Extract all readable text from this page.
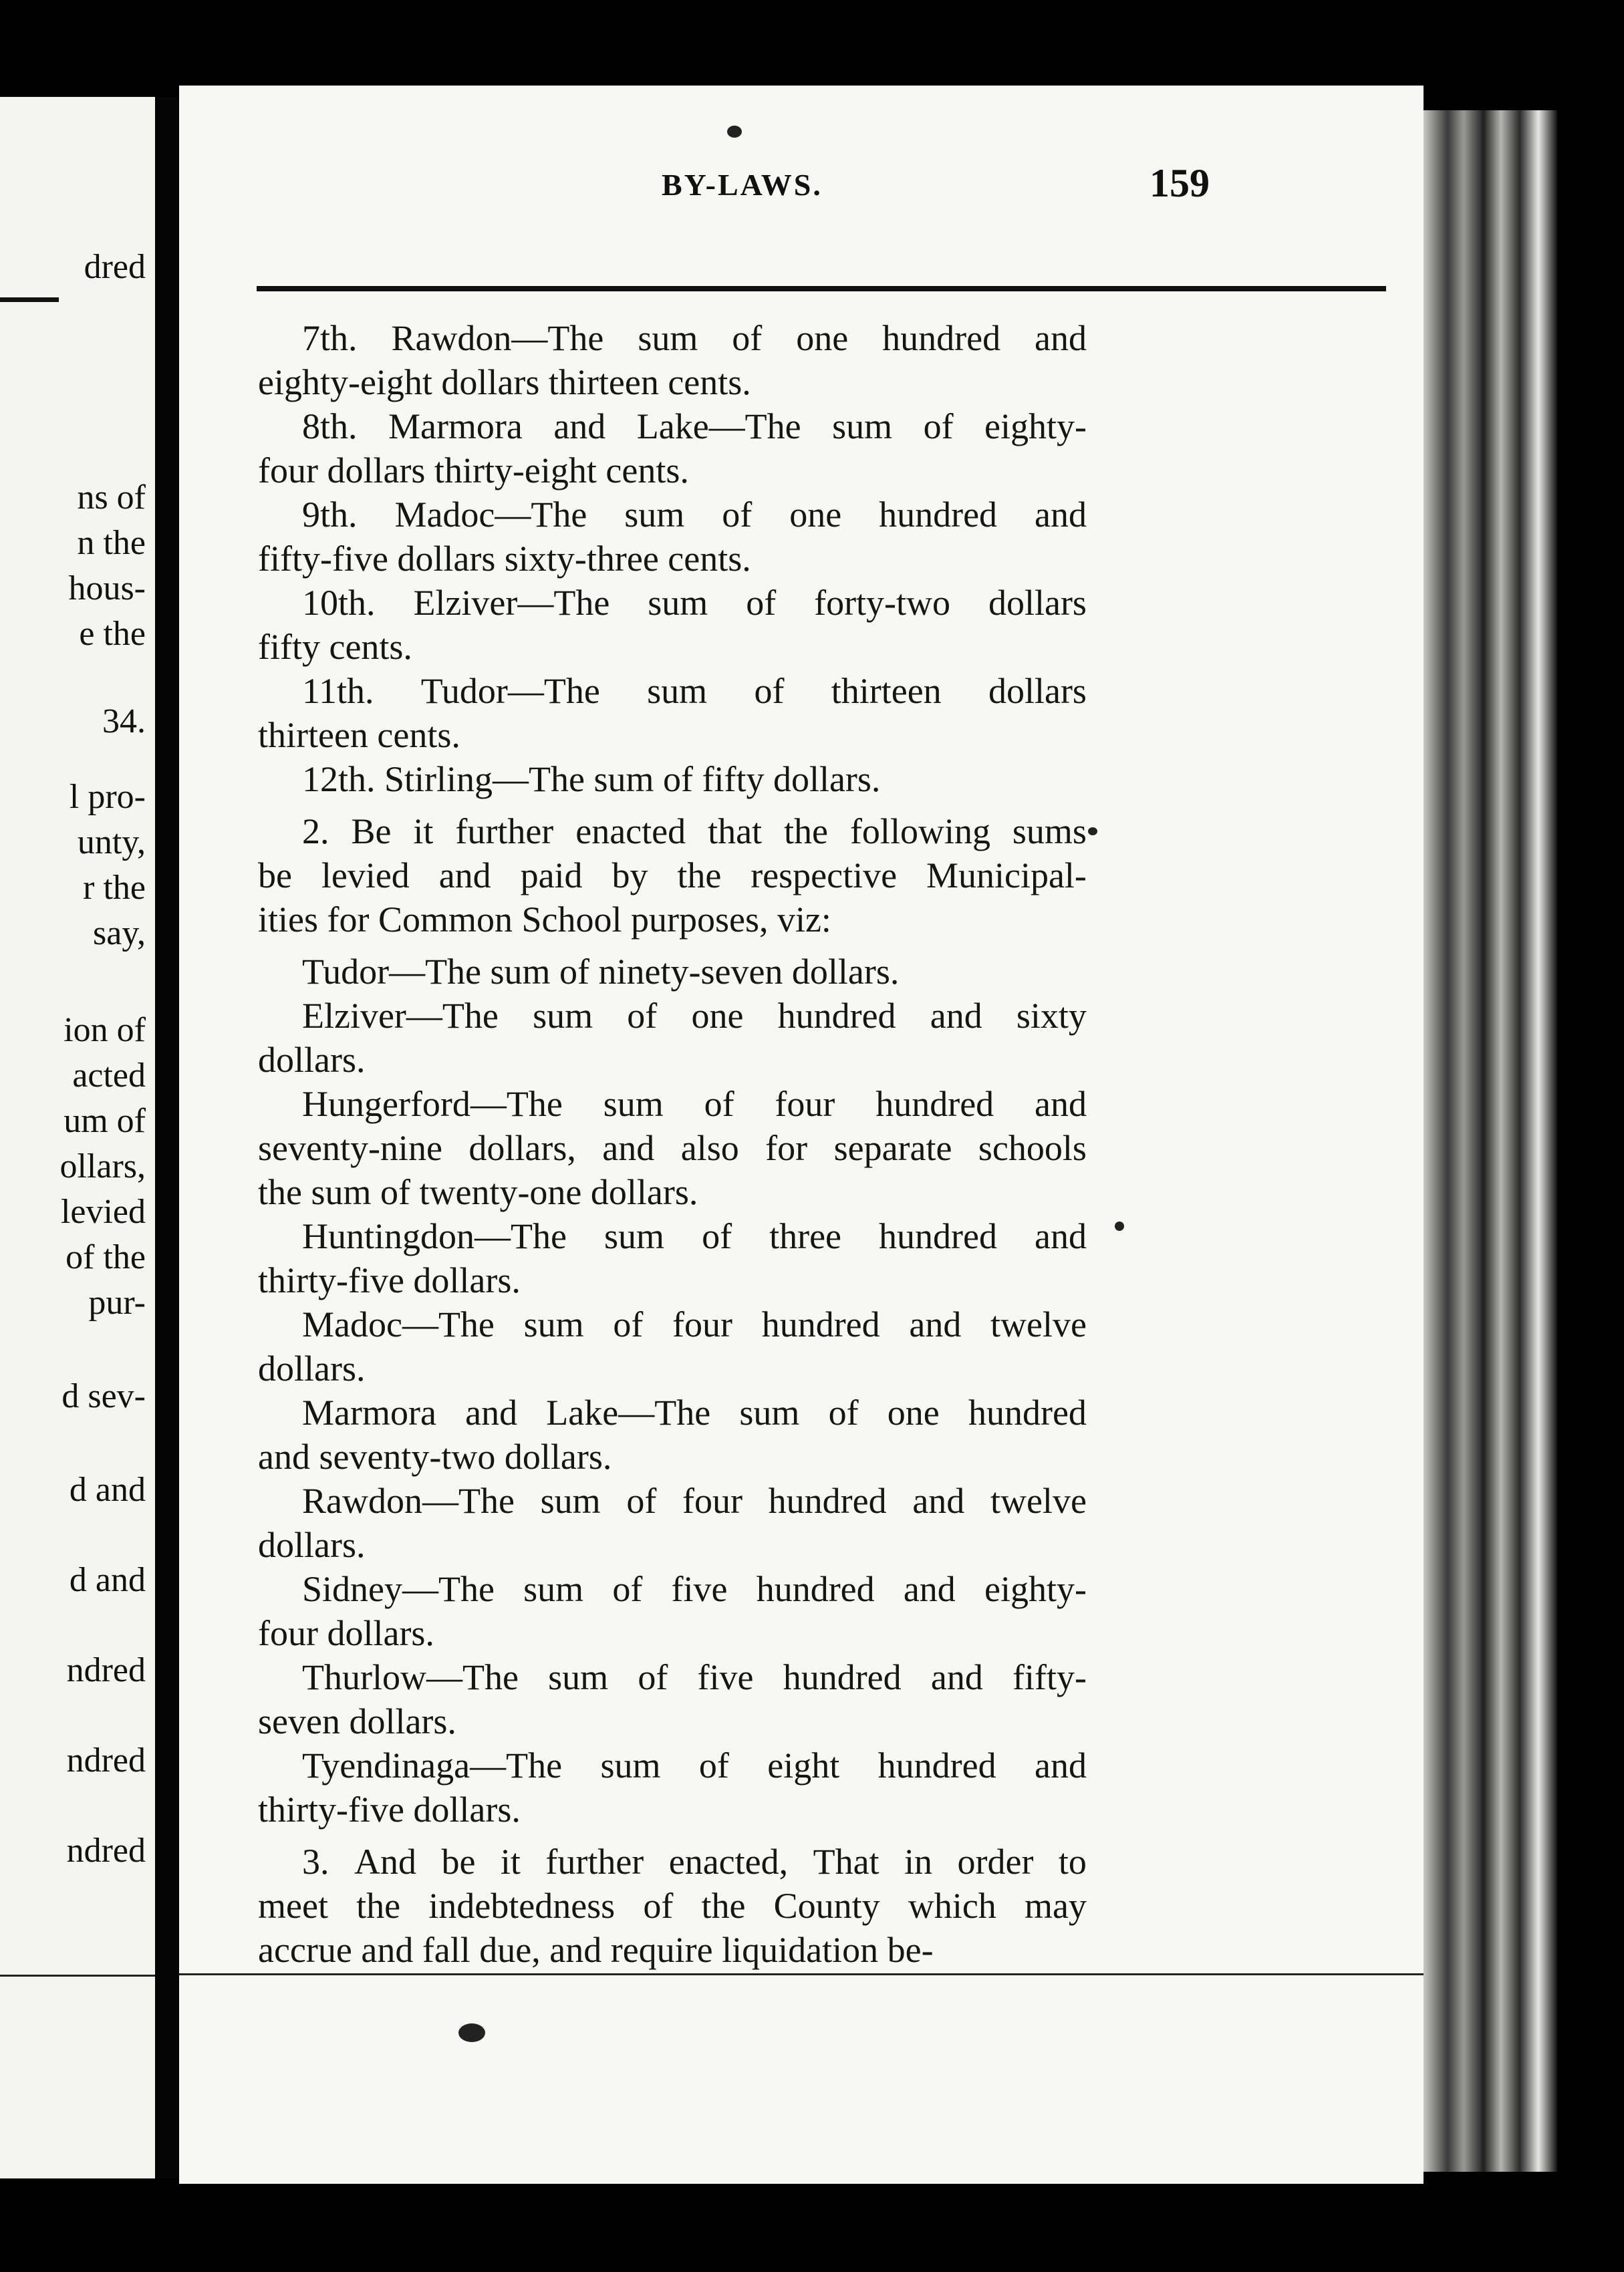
dred
ns of
n the
hous-
e the
34.
l pro-
unty,
r the
say,
ion of
acted
um of
ollars,
levied
of the
pur-
d sev-
d and
d and
ndred
ndred
ndred
BY-LAWS.	159
7th. Rawdon—The sum of one hundred and
eighty-eight dollars thirteen cents.
8th. Marmora and Lake—The sum of eighty-
four dollars thirty-eight cents.
9th. Madoc—The sum of one hundred and
fifty-five dollars sixty-three cents.
10th. Elziver—The sum of forty-two dollars
fifty cents.
11th. Tudor—The sum of thirteen dollars
thirteen cents.
12th. Stirling—The sum of fifty dollars.
2. Be it further enacted that the following sums
be levied and paid by the respective Municipal-
ities for Common School purposes, viz:
Tudor—The sum of ninety-seven dollars.
Elziver—The sum of one hundred and sixty
dollars.
Hungerford—The sum of four hundred and
seventy-nine dollars, and also for separate schools
the sum of twenty-one dollars.
Huntingdon—The sum of three hundred and
thirty-five dollars.
Madoc—The sum of four hundred and twelve
dollars.
Marmora and Lake—The sum of one hundred
and seventy-two dollars.
Rawdon—The sum of four hundred and twelve
dollars.
Sidney—The sum of five hundred and eighty-
four dollars.
Thurlow—The sum of five hundred and fifty-
seven dollars.
Tyendinaga—The sum of eight hundred and
thirty-five dollars.
3. And be it further enacted, That in order to
meet the indebtedness of the County which may
accrue and fall due, and require liquidation be-
